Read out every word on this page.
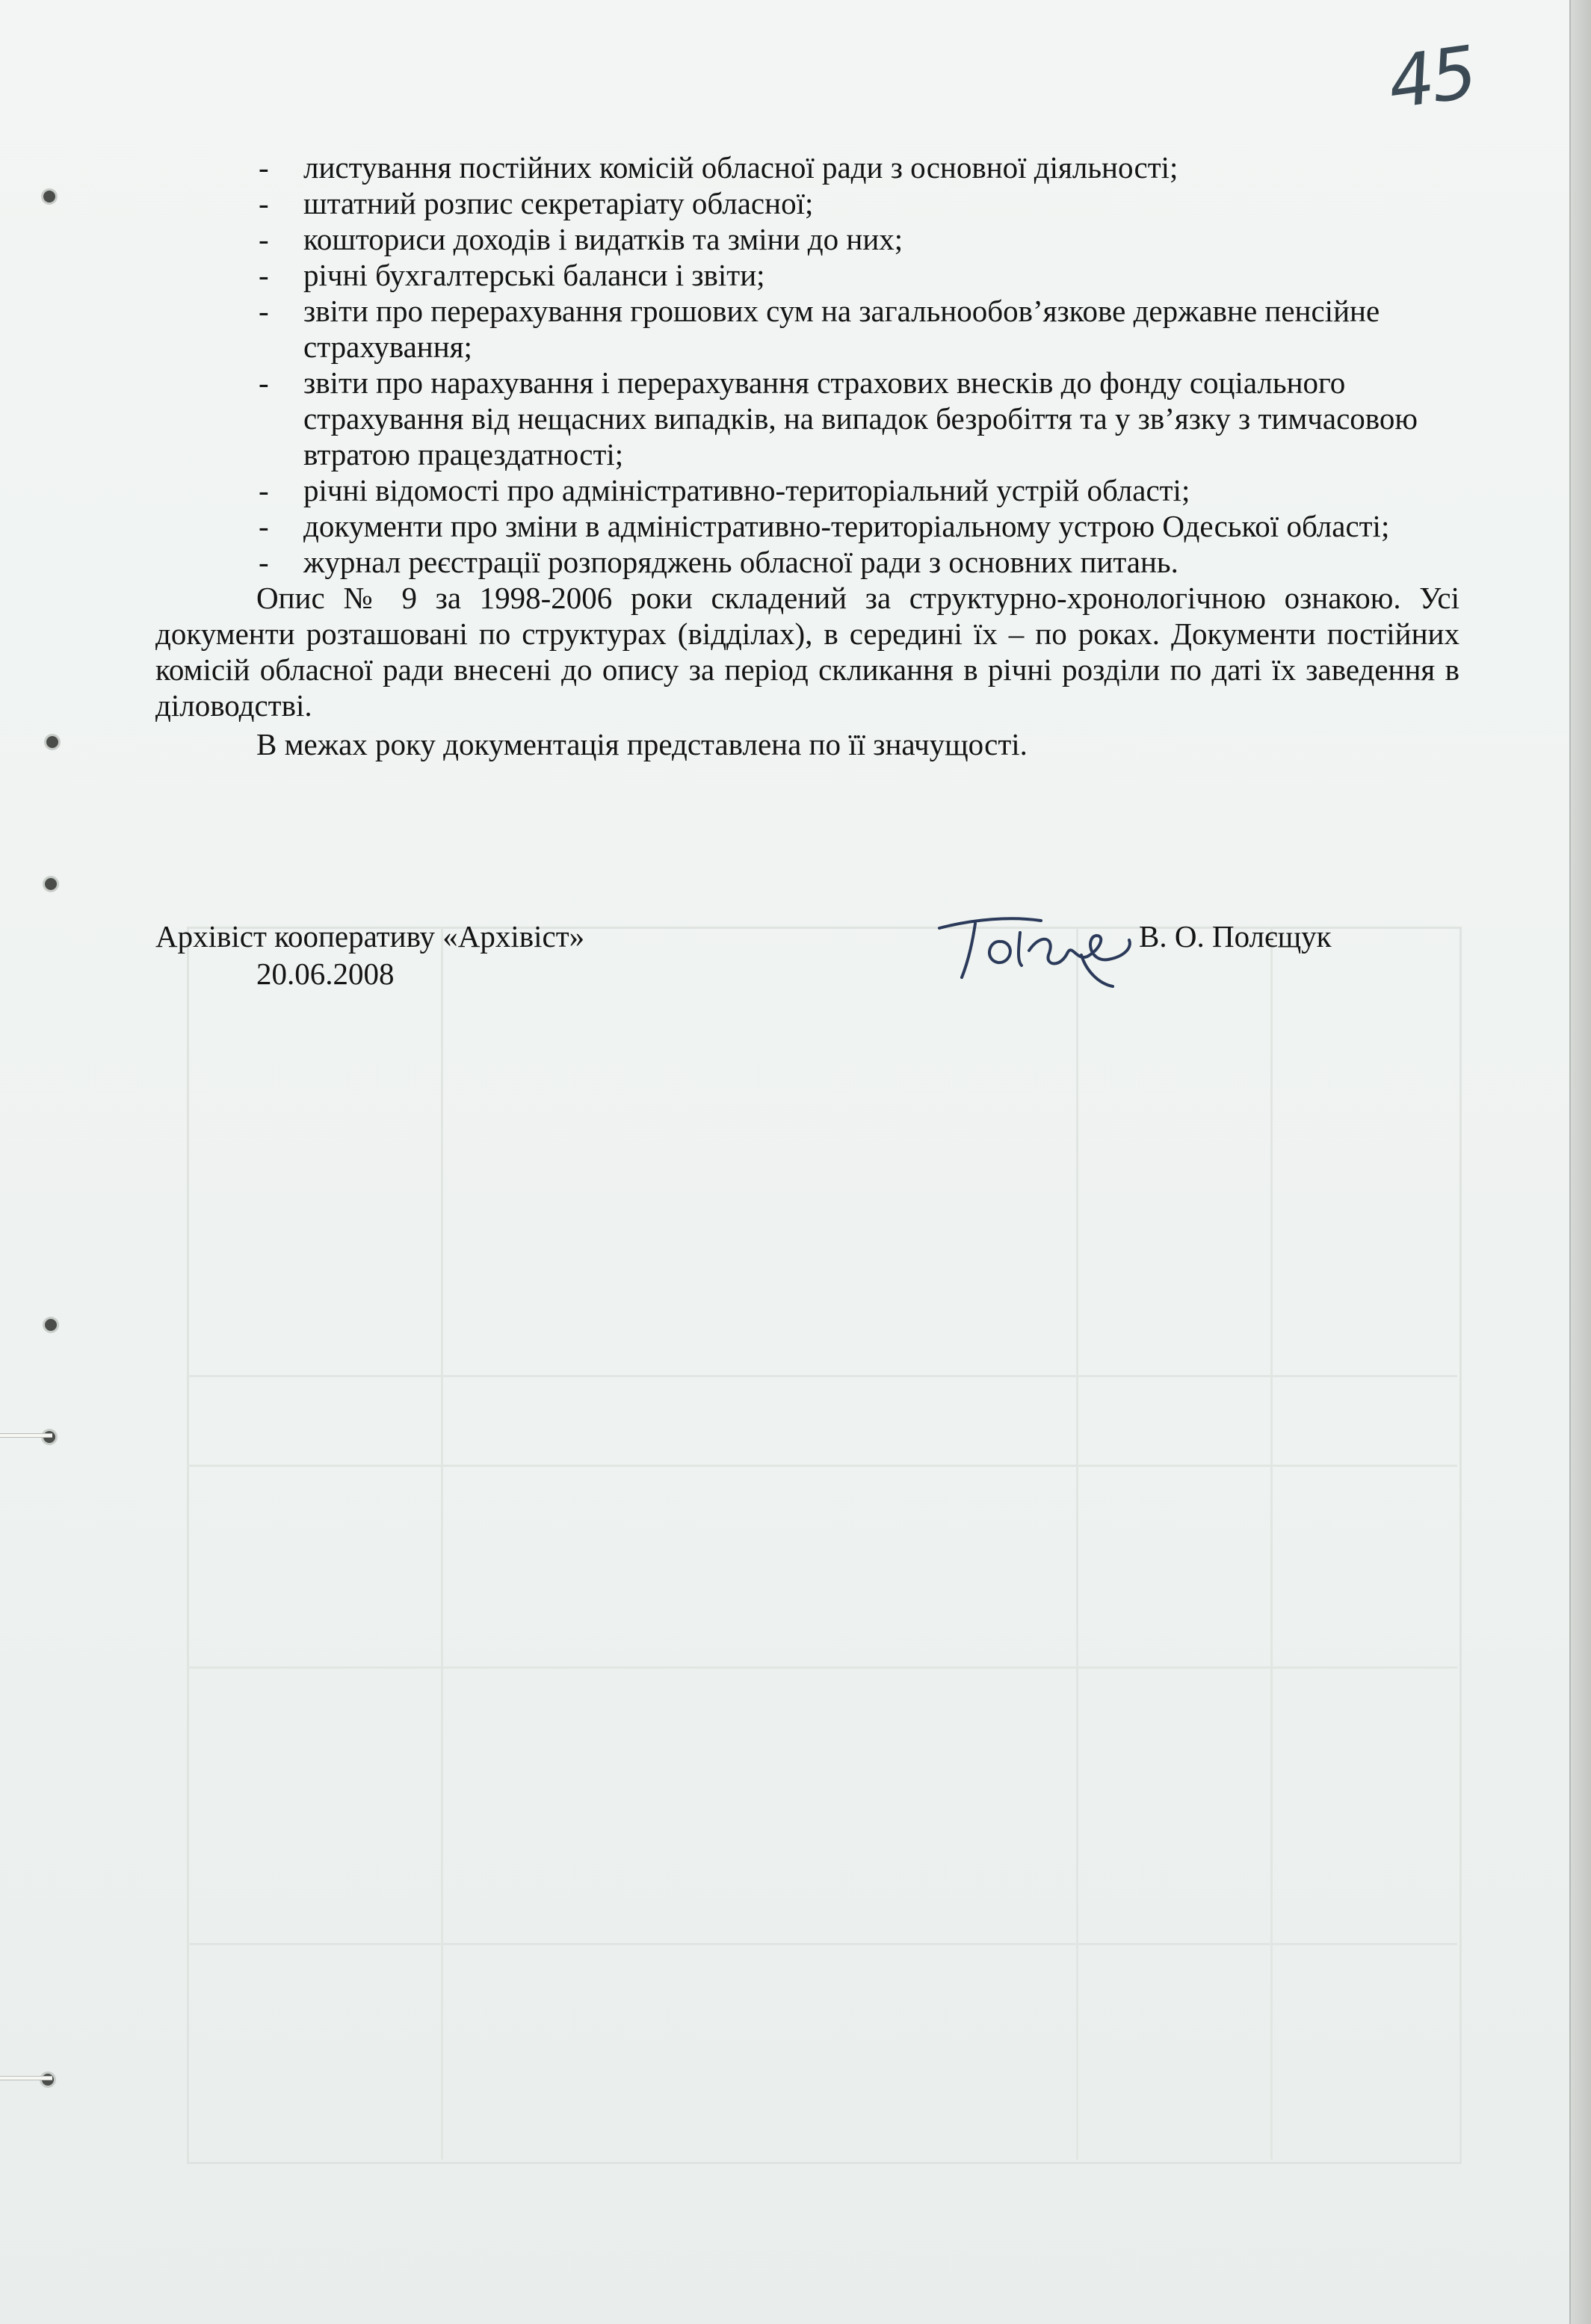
45
- листування постійних комісій обласної ради з основної діяльності;
- штатний розпис секретаріату обласної;
- кошториси доходів і видатків та зміни до них;
- річні бухгалтерські баланси і звіти;
- звіти про перерахування грошових сум на загальнообов’язкове державне пенсійне страхування;
- звіти про нарахування і перерахування страхових внесків до фонду соціального страхування від нещасних випадків, на випадок безробіття та у зв’язку з тимчасовою втратою працездатності;
- річні відомості про адміністративно-територіальний устрій області;
- документи про зміни в адміністративно-територіальному устрою Одеської області;
- журнал реєстрації розпоряджень обласної ради з основних питань.

Опис № 9 за 1998-2006 роки складений за структурно-хронологічною ознакою. Усі документи розташовані по структурах (відділах), в середині їх – по роках. Документи постійних комісій обласної ради внесені до опису за період скликання в річні розділи по даті їх заведення в діловодстві.

В межах року документація представлена по її значущості.

Архівіст кооперативу «Архівіст»
20.06.2008
В. О. Полєщук
